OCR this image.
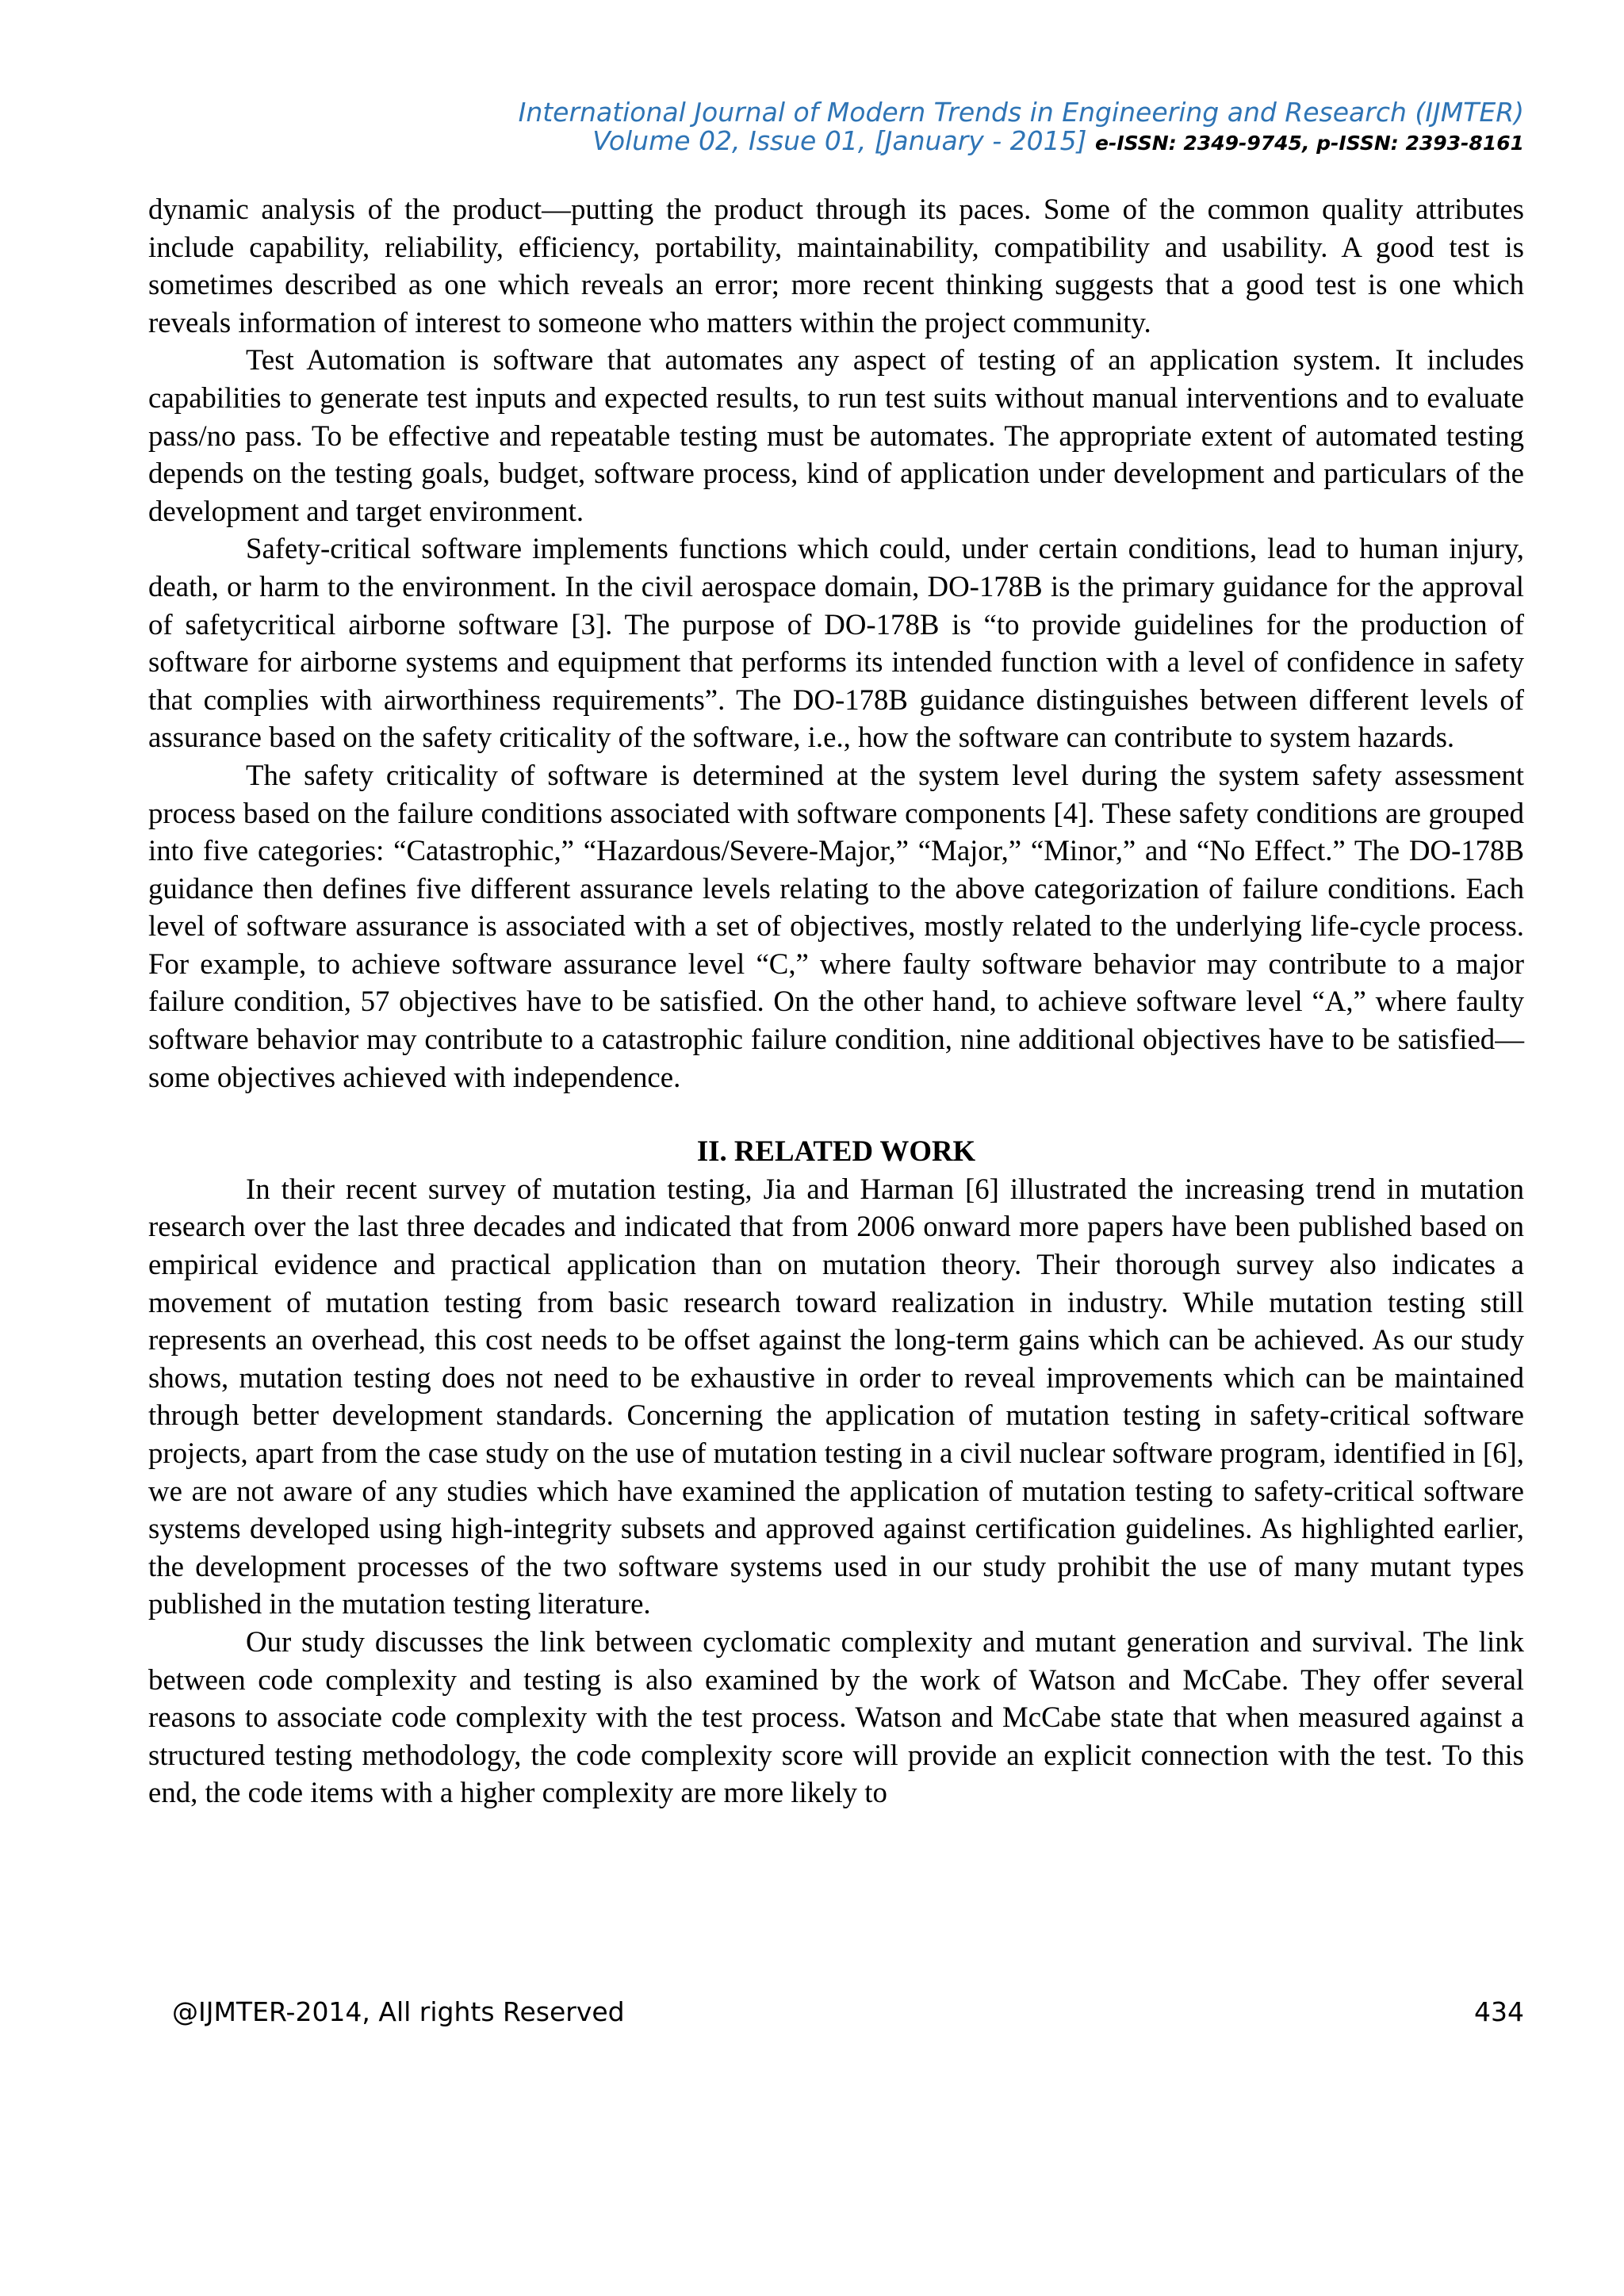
International Journal of Modern Trends in Engineering and Research (IJMTER)
Volume 02, Issue 01, [January - 2015] e-ISSN: 2349-9745, p-ISSN: 2393-8161

dynamic analysis of the product—putting the product through its paces. Some of the common quality attributes include capability, reliability, efficiency, portability, maintainability, compatibility and usability. A good test is sometimes described as one which reveals an error; more recent thinking suggests that a good test is one which reveals information of interest to someone who matters within the project community.

Test Automation is software that automates any aspect of testing of an application system. It includes capabilities to generate test inputs and expected results, to run test suits without manual interventions and to evaluate pass/no pass. To be effective and repeatable testing must be automates. The appropriate extent of automated testing depends on the testing goals, budget, software process, kind of application under development and particulars of the development and target environment.

Safety-critical software implements functions which could, under certain conditions, lead to human injury, death, or harm to the environment. In the civil aerospace domain, DO-178B is the primary guidance for the approval of safetycritical airborne software [3]. The purpose of DO-178B is “to provide guidelines for the production of software for airborne systems and equipment that performs its intended function with a level of confidence in safety that complies with airworthiness requirements”. The DO-178B guidance distinguishes between different levels of assurance based on the safety criticality of the software, i.e., how the software can contribute to system hazards.

The safety criticality of software is determined at the system level during the system safety assessment process based on the failure conditions associated with software components [4]. These safety conditions are grouped into five categories: “Catastrophic,” “Hazardous/Severe-Major,” “Major,” “Minor,” and “No Effect.” The DO-178B guidance then defines five different assurance levels relating to the above categorization of failure conditions. Each level of software assurance is associated with a set of objectives, mostly related to the underlying life-cycle process. For example, to achieve software assurance level “C,” where faulty software behavior may contribute to a major failure condition, 57 objectives have to be satisfied. On the other hand, to achieve software level “A,” where faulty software behavior may contribute to a catastrophic failure condition, nine additional objectives have to be satisfied—some objectives achieved with independence.

II. RELATED WORK

In their recent survey of mutation testing, Jia and Harman [6] illustrated the increasing trend in mutation research over the last three decades and indicated that from 2006 onward more papers have been published based on empirical evidence and practical application than on mutation theory. Their thorough survey also indicates a movement of mutation testing from basic research toward realization in industry. While mutation testing still represents an overhead, this cost needs to be offset against the long-term gains which can be achieved. As our study shows, mutation testing does not need to be exhaustive in order to reveal improvements which can be maintained through better development standards. Concerning the application of mutation testing in safety-critical software projects, apart from the case study on the use of mutation testing in a civil nuclear software program, identified in [6], we are not aware of any studies which have examined the application of mutation testing to safety-critical software systems developed using high-integrity subsets and approved against certification guidelines. As highlighted earlier, the development processes of the two software systems used in our study prohibit the use of many mutant types published in the mutation testing literature.

Our study discusses the link between cyclomatic complexity and mutant generation and survival. The link between code complexity and testing is also examined by the work of Watson and McCabe. They offer several reasons to associate code complexity with the test process. Watson and McCabe state that when measured against a structured testing methodology, the code complexity score will provide an explicit connection with the test. To this end, the code items with a higher complexity are more likely to

@IJMTER-2014, All rights Reserved	434
